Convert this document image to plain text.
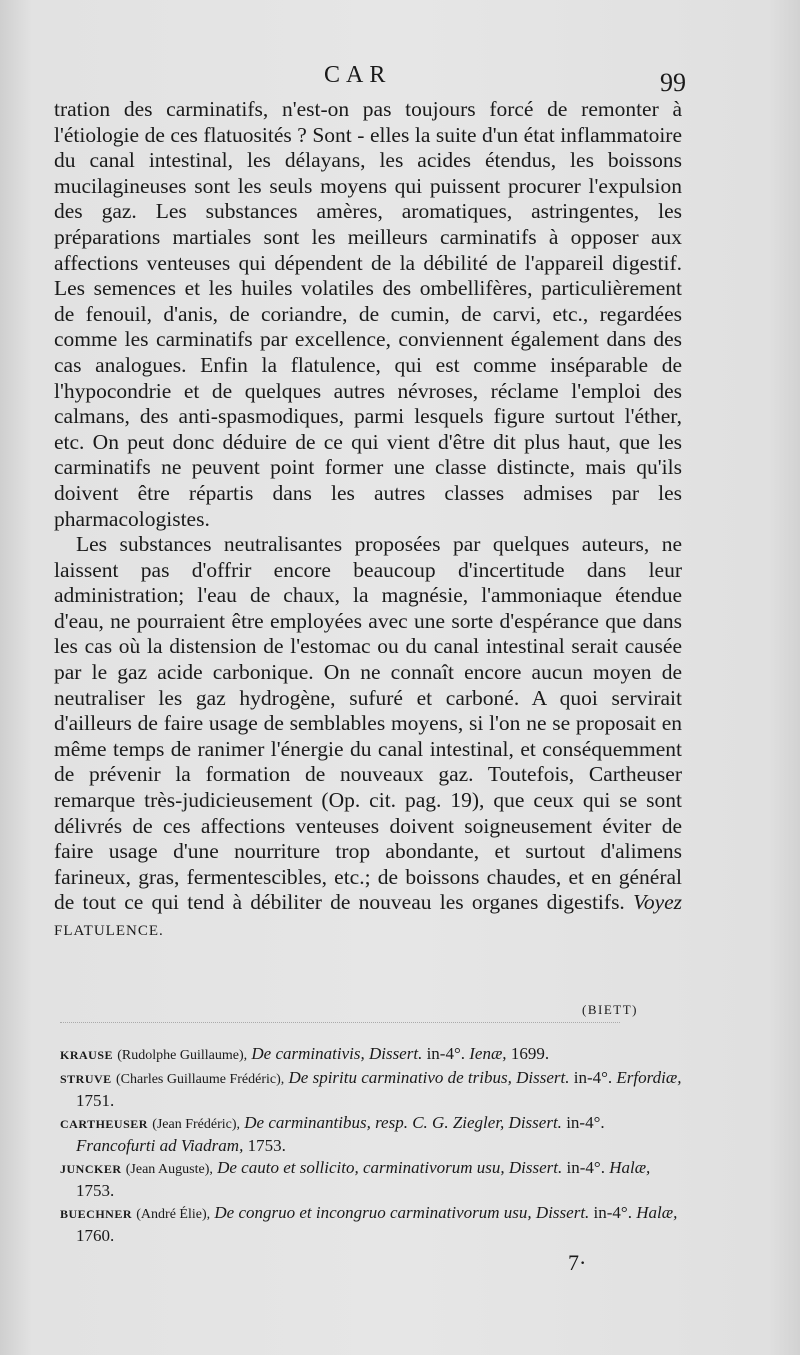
CAR	99

tration des carminatifs, n'est-on pas toujours forcé de remonter à l'étiologie de ces flatuosités ? Sont - elles la suite d'un état inflammatoire du canal intestinal, les délayans, les acides étendus, les boissons mucilagineuses sont les seuls moyens qui puissent procurer l'expulsion des gaz. Les substances amères, aromatiques, astringentes, les préparations martiales sont les meilleurs carminatifs à opposer aux affections venteuses qui dépendent de la débilité de l'appareil digestif. Les semences et les huiles volatiles des ombellifères, particulièrement de fenouil, d'anis, de coriandre, de cumin, de carvi, etc., regardées comme les carminatifs par excellence, conviennent également dans des cas analogues. Enfin la flatulence, qui est comme inséparable de l'hypocondrie et de quelques autres névroses, réclame l'emploi des calmans, des anti-spasmodiques, parmi lesquels figure surtout l'éther, etc. On peut donc déduire de ce qui vient d'être dit plus haut, que les carminatifs ne peuvent point former une classe distincte, mais qu'ils doivent être répartis dans les autres classes admises par les pharmacologistes.

Les substances neutralisantes proposées par quelques auteurs, ne laissent pas d'offrir encore beaucoup d'incertitude dans leur administration; l'eau de chaux, la magnésie, l'ammoniaque étendue d'eau, ne pourraient être employées avec une sorte d'espérance que dans les cas où la distension de l'estomac ou du canal intestinal serait causée par le gaz acide carbonique. On ne connaît encore aucun moyen de neutraliser les gaz hydrogène, sufuré et carboné. A quoi servirait d'ailleurs de faire usage de semblables moyens, si l'on ne se proposait en même temps de ranimer l'énergie du canal intestinal, et conséquemment de prévenir la formation de nouveaux gaz. Toutefois, Cartheuser remarque très-judicieusement (Op. cit. pag. 19), que ceux qui se sont délivrés de ces affections venteuses doivent soigneusement éviter de faire usage d'une nourriture trop abondante, et surtout d'alimens farineux, gras, fermentescibles, etc.; de boissons chaudes, et en général de tout ce qui tend à débiliter de nouveau les organes digestifs. Voyez FLATULENCE.

(BIETT)

KRAUSE (Rudolphe Guillaume), De carminativis, Dissert. in-4°. Ienæ, 1699.

STRUVE (Charles Guillaume Frédéric), De spiritu carminativo de tribus, Dissert. in-4°. Erfordiæ, 1751.

CARTHEUSER (Jean Frédéric), De carminantibus, resp. C. G. Ziegler, Dissert. in-4°. Francofurti ad Viadram, 1753.

JUNCKER (Jean Auguste), De cauto et sollicito, carminativorum usu, Dissert. in-4°. Halæ, 1753.

BUECHNER (André Élie), De congruo et incongruo carminativorum usu, Dissert. in-4°. Halæ, 1760.

7·
